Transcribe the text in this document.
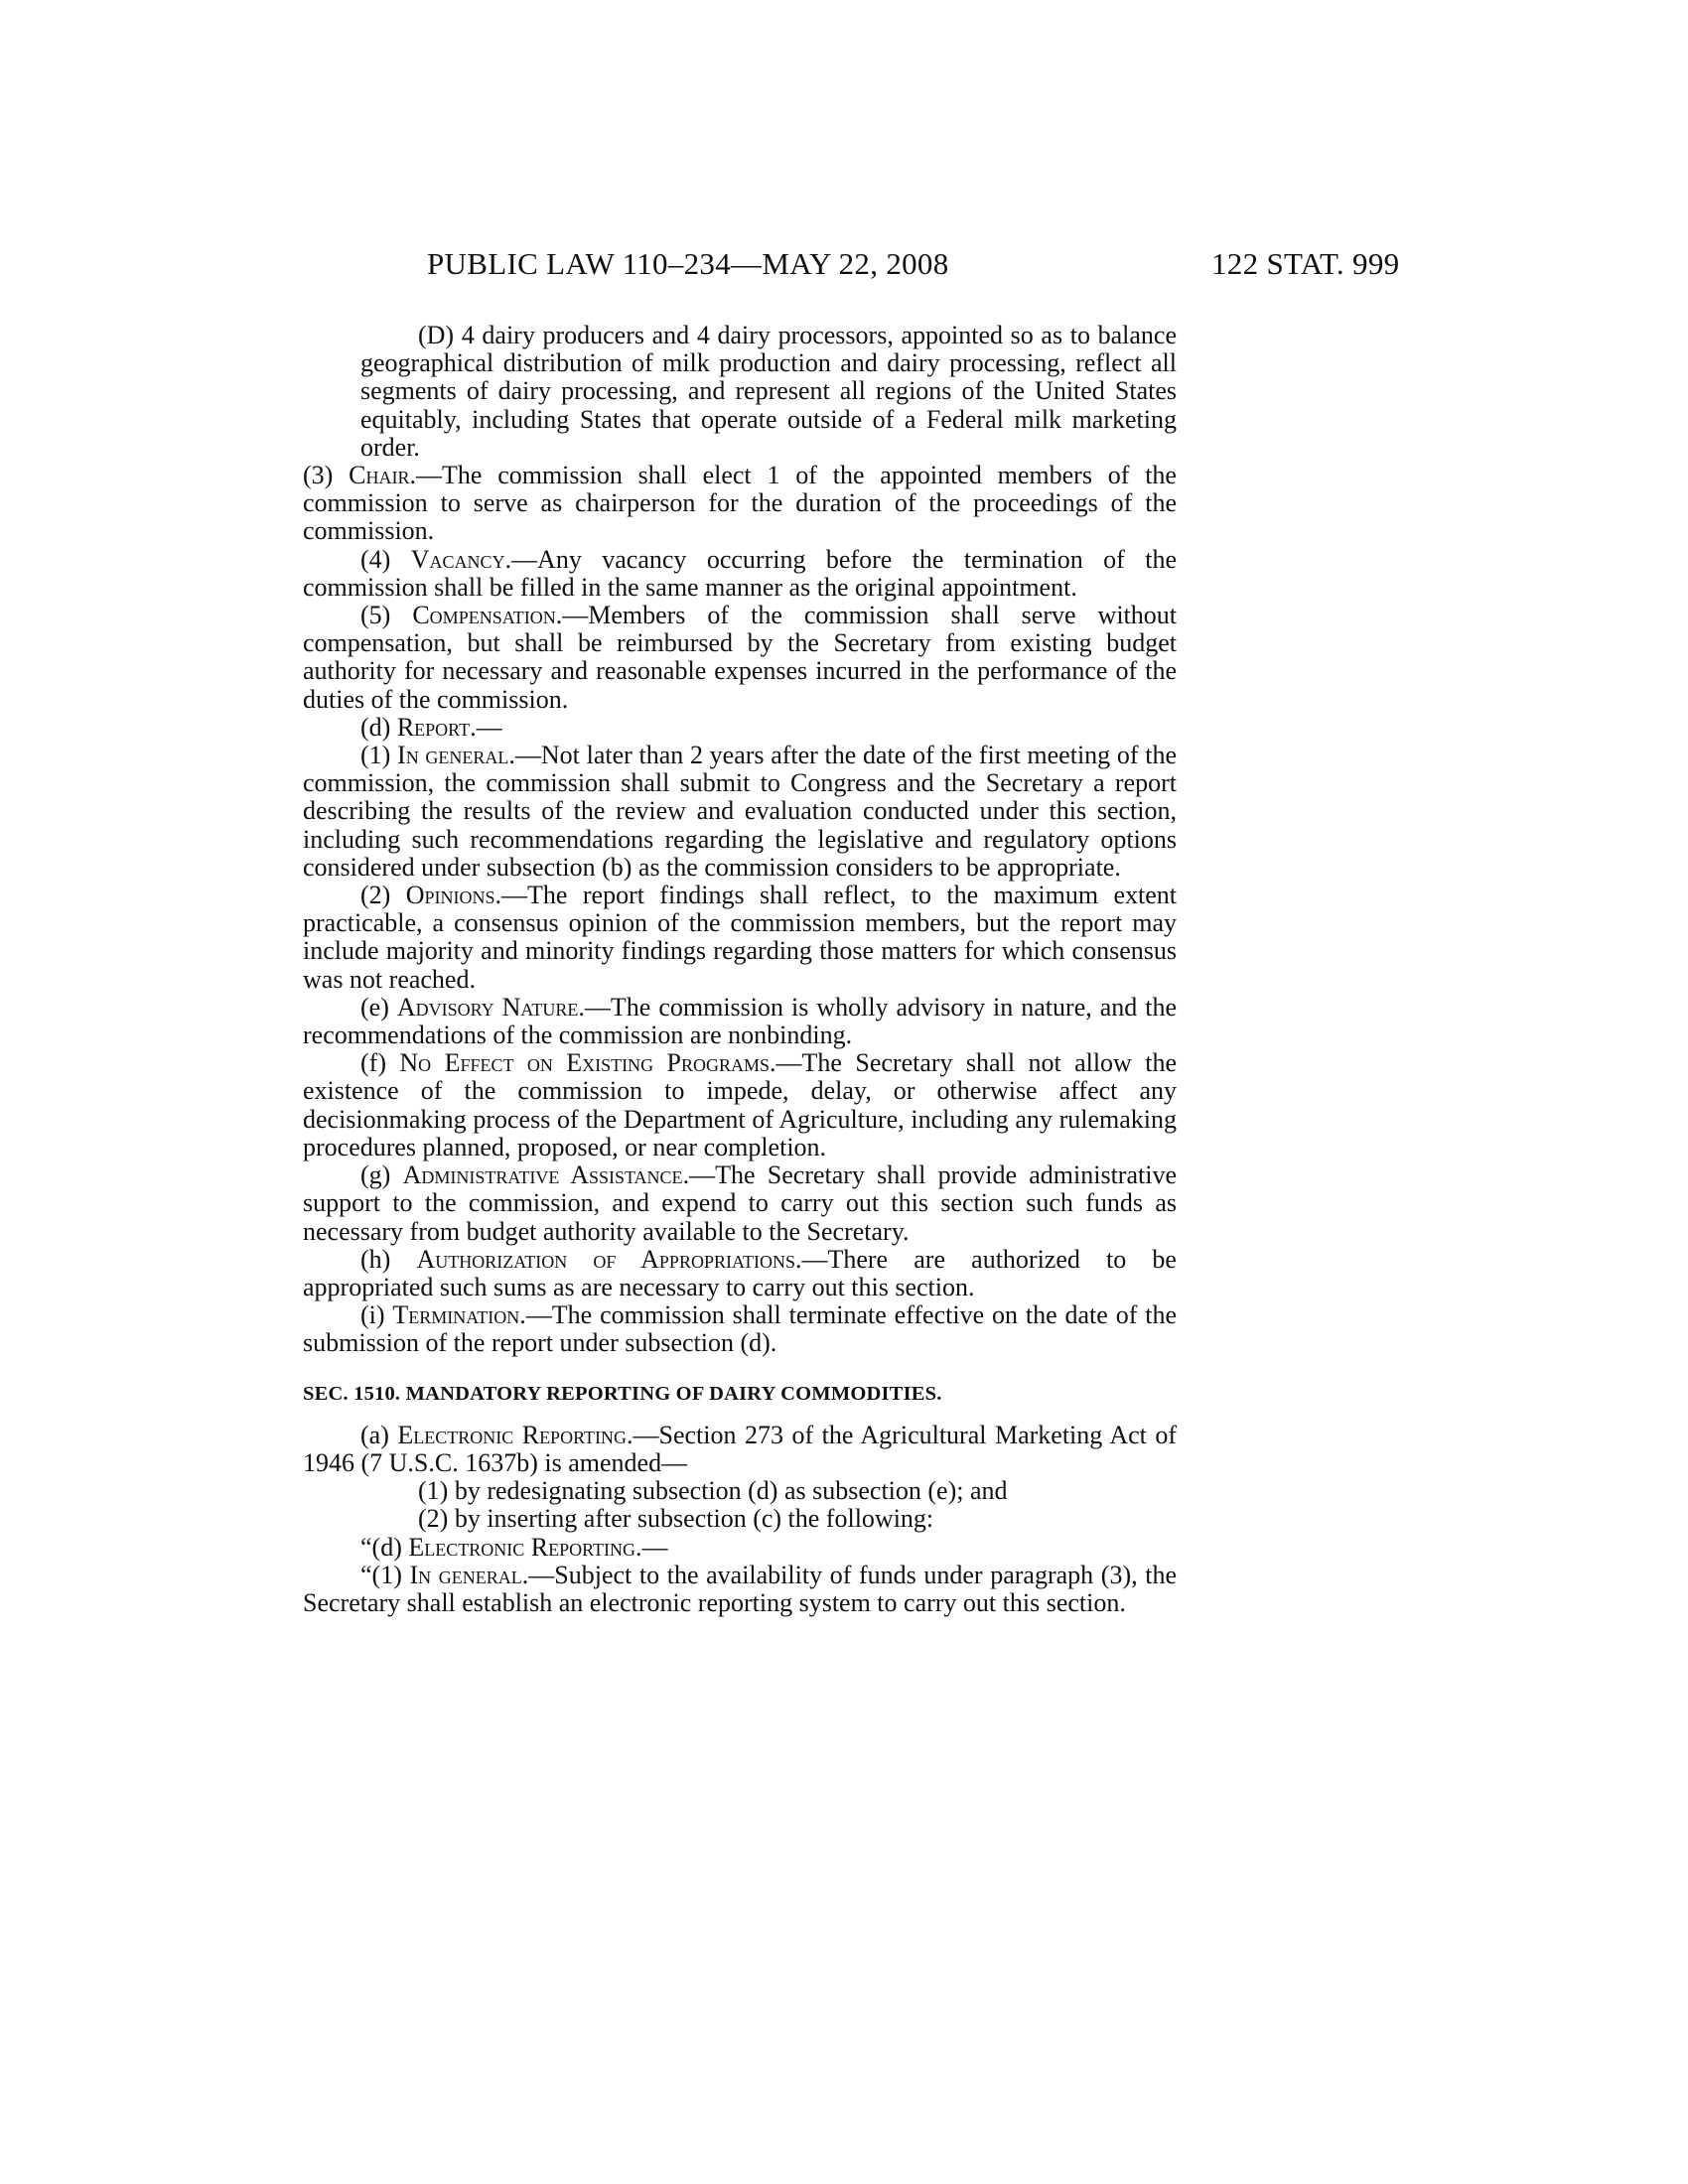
PUBLIC LAW 110–234—MAY 22, 2008	122 STAT. 999

(D) 4 dairy producers and 4 dairy processors, appointed so as to balance geographical distribution of milk production and dairy processing, reflect all segments of dairy processing, and represent all regions of the United States equitably, including States that operate outside of a Federal milk marketing order.

(3) Chair.—The commission shall elect 1 of the appointed members of the commission to serve as chairperson for the duration of the proceedings of the commission.

(4) Vacancy.—Any vacancy occurring before the termination of the commission shall be filled in the same manner as the original appointment.

(5) Compensation.—Members of the commission shall serve without compensation, but shall be reimbursed by the Secretary from existing budget authority for necessary and reasonable expenses incurred in the performance of the duties of the commission.

(d) Report.—

(1) In general.—Not later than 2 years after the date of the first meeting of the commission, the commission shall submit to Congress and the Secretary a report describing the results of the review and evaluation conducted under this section, including such recommendations regarding the legislative and regulatory options considered under subsection (b) as the commission considers to be appropriate.

(2) Opinions.—The report findings shall reflect, to the maximum extent practicable, a consensus opinion of the commission members, but the report may include majority and minority findings regarding those matters for which consensus was not reached.

(e) Advisory Nature.—The commission is wholly advisory in nature, and the recommendations of the commission are nonbinding.

(f) No Effect on Existing Programs.—The Secretary shall not allow the existence of the commission to impede, delay, or otherwise affect any decisionmaking process of the Department of Agriculture, including any rulemaking procedures planned, proposed, or near completion.

(g) Administrative Assistance.—The Secretary shall provide administrative support to the commission, and expend to carry out this section such funds as necessary from budget authority available to the Secretary.

(h) Authorization of Appropriations.—There are authorized to be appropriated such sums as are necessary to carry out this section.

(i) Termination.—The commission shall terminate effective on the date of the submission of the report under subsection (d).

SEC. 1510. MANDATORY REPORTING OF DAIRY COMMODITIES.

(a) Electronic Reporting.—Section 273 of the Agricultural Marketing Act of 1946 (7 U.S.C. 1637b) is amended—

(1) by redesignating subsection (d) as subsection (e); and

(2) by inserting after subsection (c) the following:

“(d) Electronic Reporting.—

“(1) In general.—Subject to the availability of funds under paragraph (3), the Secretary shall establish an electronic reporting system to carry out this section.
